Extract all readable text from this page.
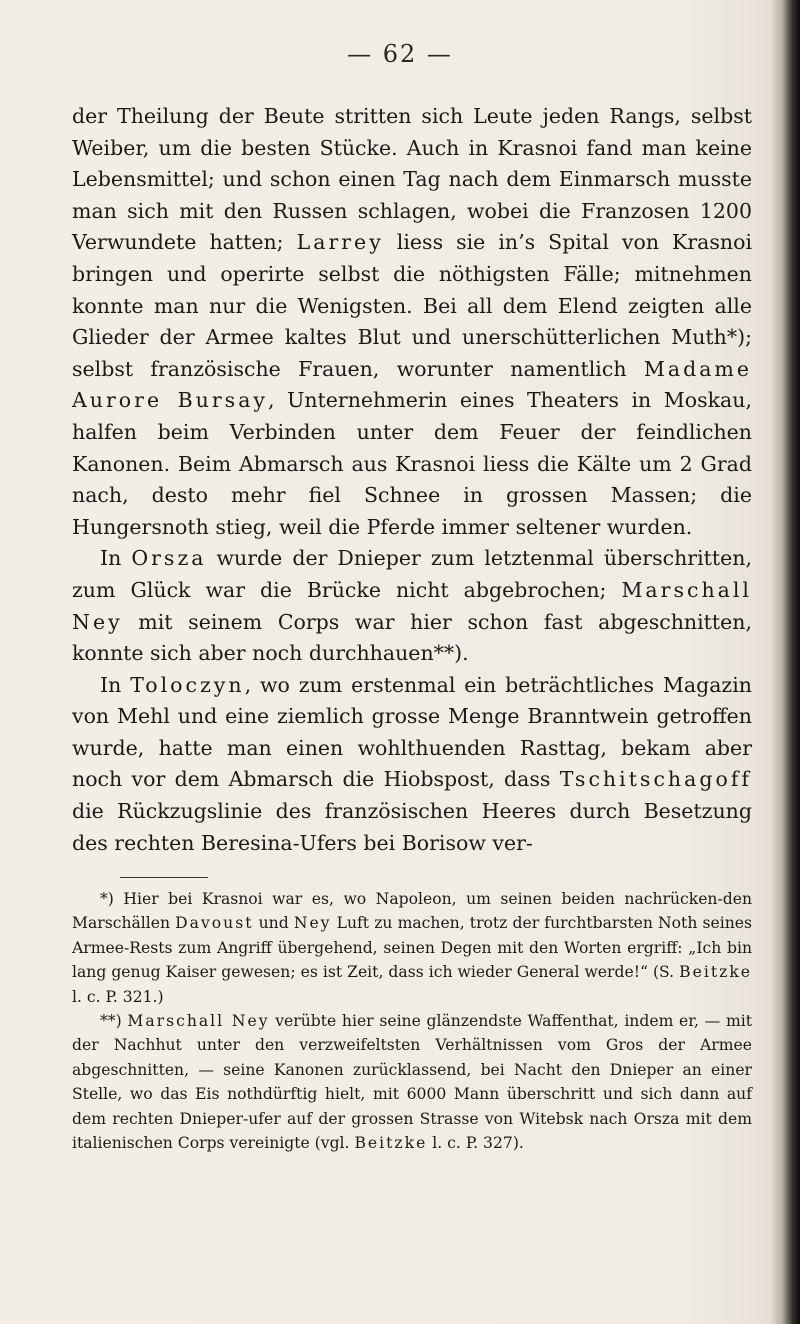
— 62 —

der Theilung der Beute stritten sich Leute jeden Rangs, selbst Weiber, um die besten Stücke. Auch in Krasnoi fand man keine Lebensmittel; und schon einen Tag nach dem Einmarsch musste man sich mit den Russen schlagen, wobei die Franzosen 1200 Verwundete hatten; Larrey liess sie in’s Spital von Krasnoi bringen und operirte selbst die nöthigsten Fälle; mitnehmen konnte man nur die Wenigsten. Bei all dem Elend zeigten alle Glieder der Armee kaltes Blut und unerschütterlichen Muth*); selbst französische Frauen, worunter namentlich Madame Aurore Bursay, Unternehmerin eines Theaters in Moskau, halfen beim Verbinden unter dem Feuer der feindlichen Kanonen. Beim Abmarsch aus Krasnoi liess die Kälte um 2 Grad nach, desto mehr fiel Schnee in grossen Massen; die Hungersnoth stieg, weil die Pferde immer seltener wurden.

In Orsza wurde der Dnieper zum letztenmal überschritten, zum Glück war die Brücke nicht abgebrochen; Marschall Ney mit seinem Corps war hier schon fast abgeschnitten, konnte sich aber noch durchhauen**).

In Toloczyn, wo zum erstenmal ein beträchtliches Magazin von Mehl und eine ziemlich grosse Menge Branntwein getroffen wurde, hatte man einen wohlthuenden Rasttag, bekam aber noch vor dem Abmarsch die Hiobspost, dass Tschitschagoff die Rückzugslinie des französischen Heeres durch Besetzung des rechten Beresina-Ufers bei Borisow ver-

*) Hier bei Krasnoi war es, wo Napoleon, um seinen beiden nachrücken-den Marschällen Davoust und Ney Luft zu machen, trotz der furchtbarsten Noth seines Armee-Rests zum Angriff übergehend, seinen Degen mit den Worten ergriff: „Ich bin lang genug Kaiser gewesen; es ist Zeit, dass ich wieder General werde!“ (S. Beitzke l. c. P. 321.)

**) Marschall Ney verübte hier seine glänzendste Waffenthat, indem er, — mit der Nachhut unter den verzweifeltsten Verhältnissen vom Gros der Armee abgeschnitten, — seine Kanonen zurücklassend, bei Nacht den Dnieper an einer Stelle, wo das Eis nothdürftig hielt, mit 6000 Mann überschritt und sich dann auf dem rechten Dnieper-ufer auf der grossen Strasse von Witebsk nach Orsza mit dem italienischen Corps vereinigte (vgl. Beitzke l. c. P. 327).
